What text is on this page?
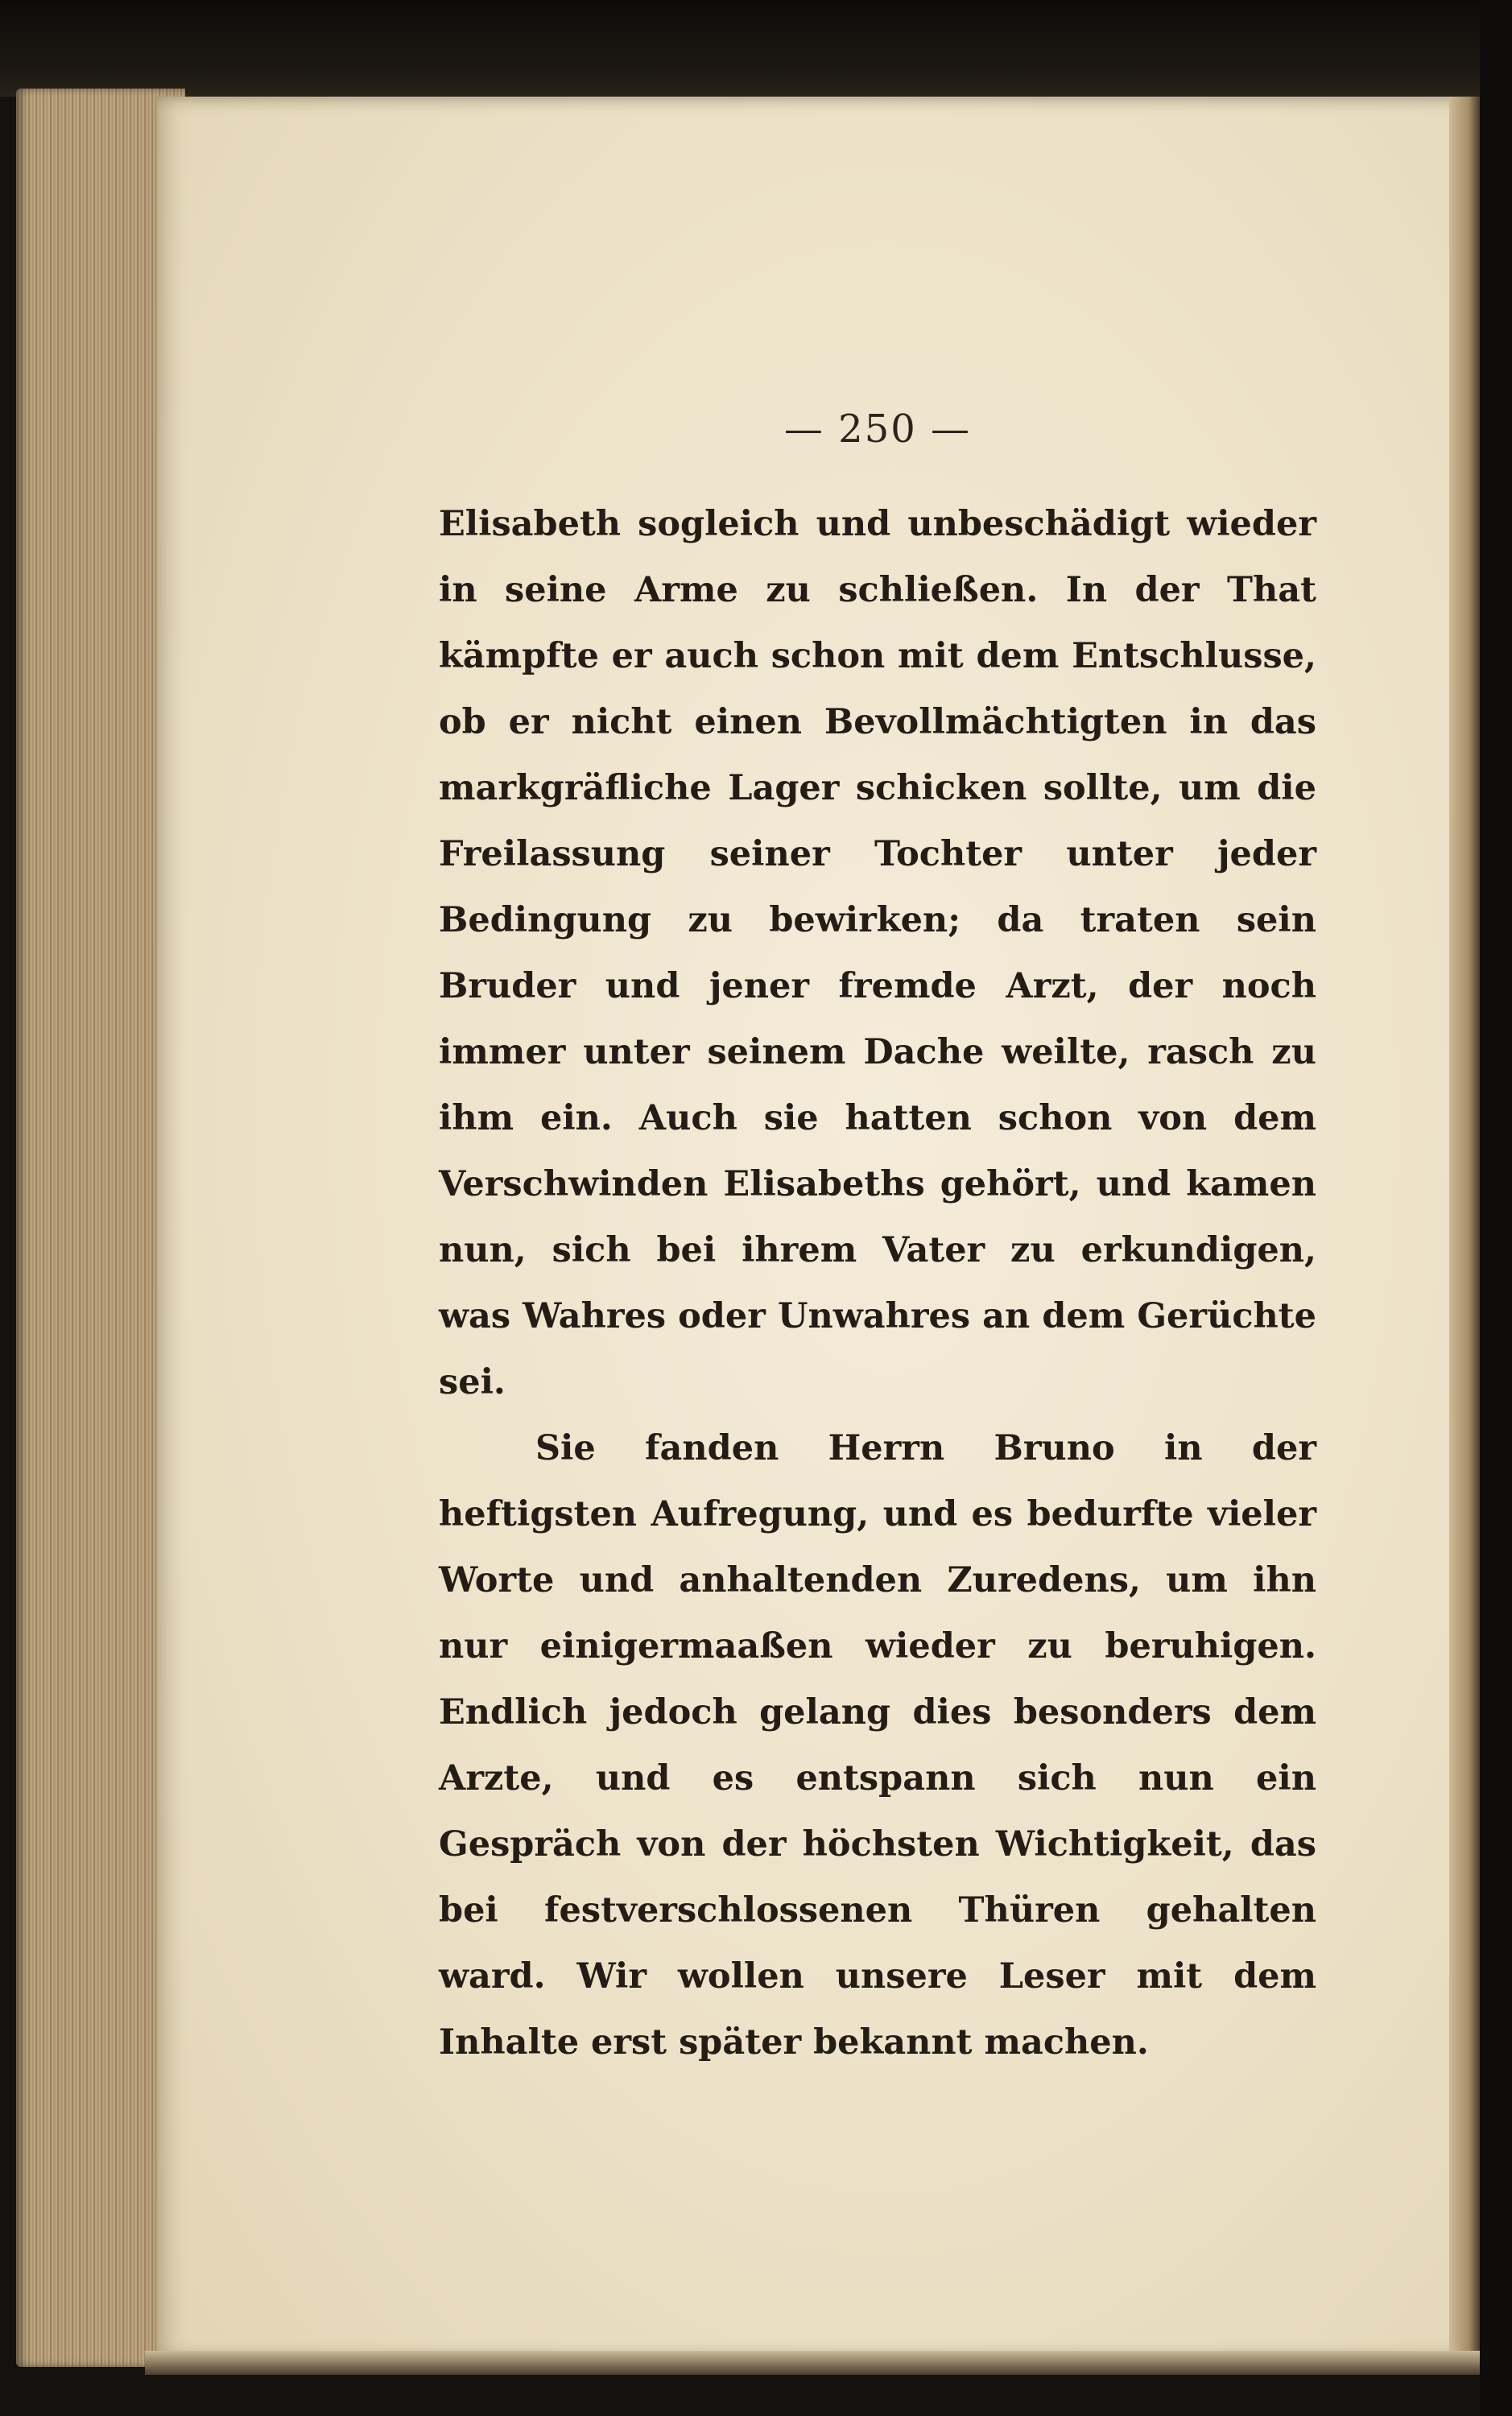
— 250 —

Elisabeth sogleich und unbeschädigt wieder in seine Arme zu schließen. In der That kämpfte er auch schon mit dem Entschlusse, ob er nicht einen Bevollmächtigten in das markgräfliche Lager schicken sollte, um die Freilassung seiner Tochter unter jeder Bedingung zu bewirken; da traten sein Bruder und jener fremde Arzt, der noch immer unter seinem Dache weilte, rasch zu ihm ein. Auch sie hatten schon von dem Verschwinden Elisabeths gehört, und kamen nun, sich bei ihrem Vater zu erkundigen, was Wahres oder Unwahres an dem Gerüchte sei.

Sie fanden Herrn Bruno in der heftigsten Aufregung, und es bedurfte vieler Worte und anhaltenden Zuredens, um ihn nur einigermaaßen wieder zu beruhigen. Endlich jedoch gelang dies besonders dem Arzte, und es entspann sich nun ein Gespräch von der höchsten Wichtigkeit, das bei festverschlossenen Thüren gehalten ward. Wir wollen unsere Leser mit dem Inhalte erst später bekannt machen.
